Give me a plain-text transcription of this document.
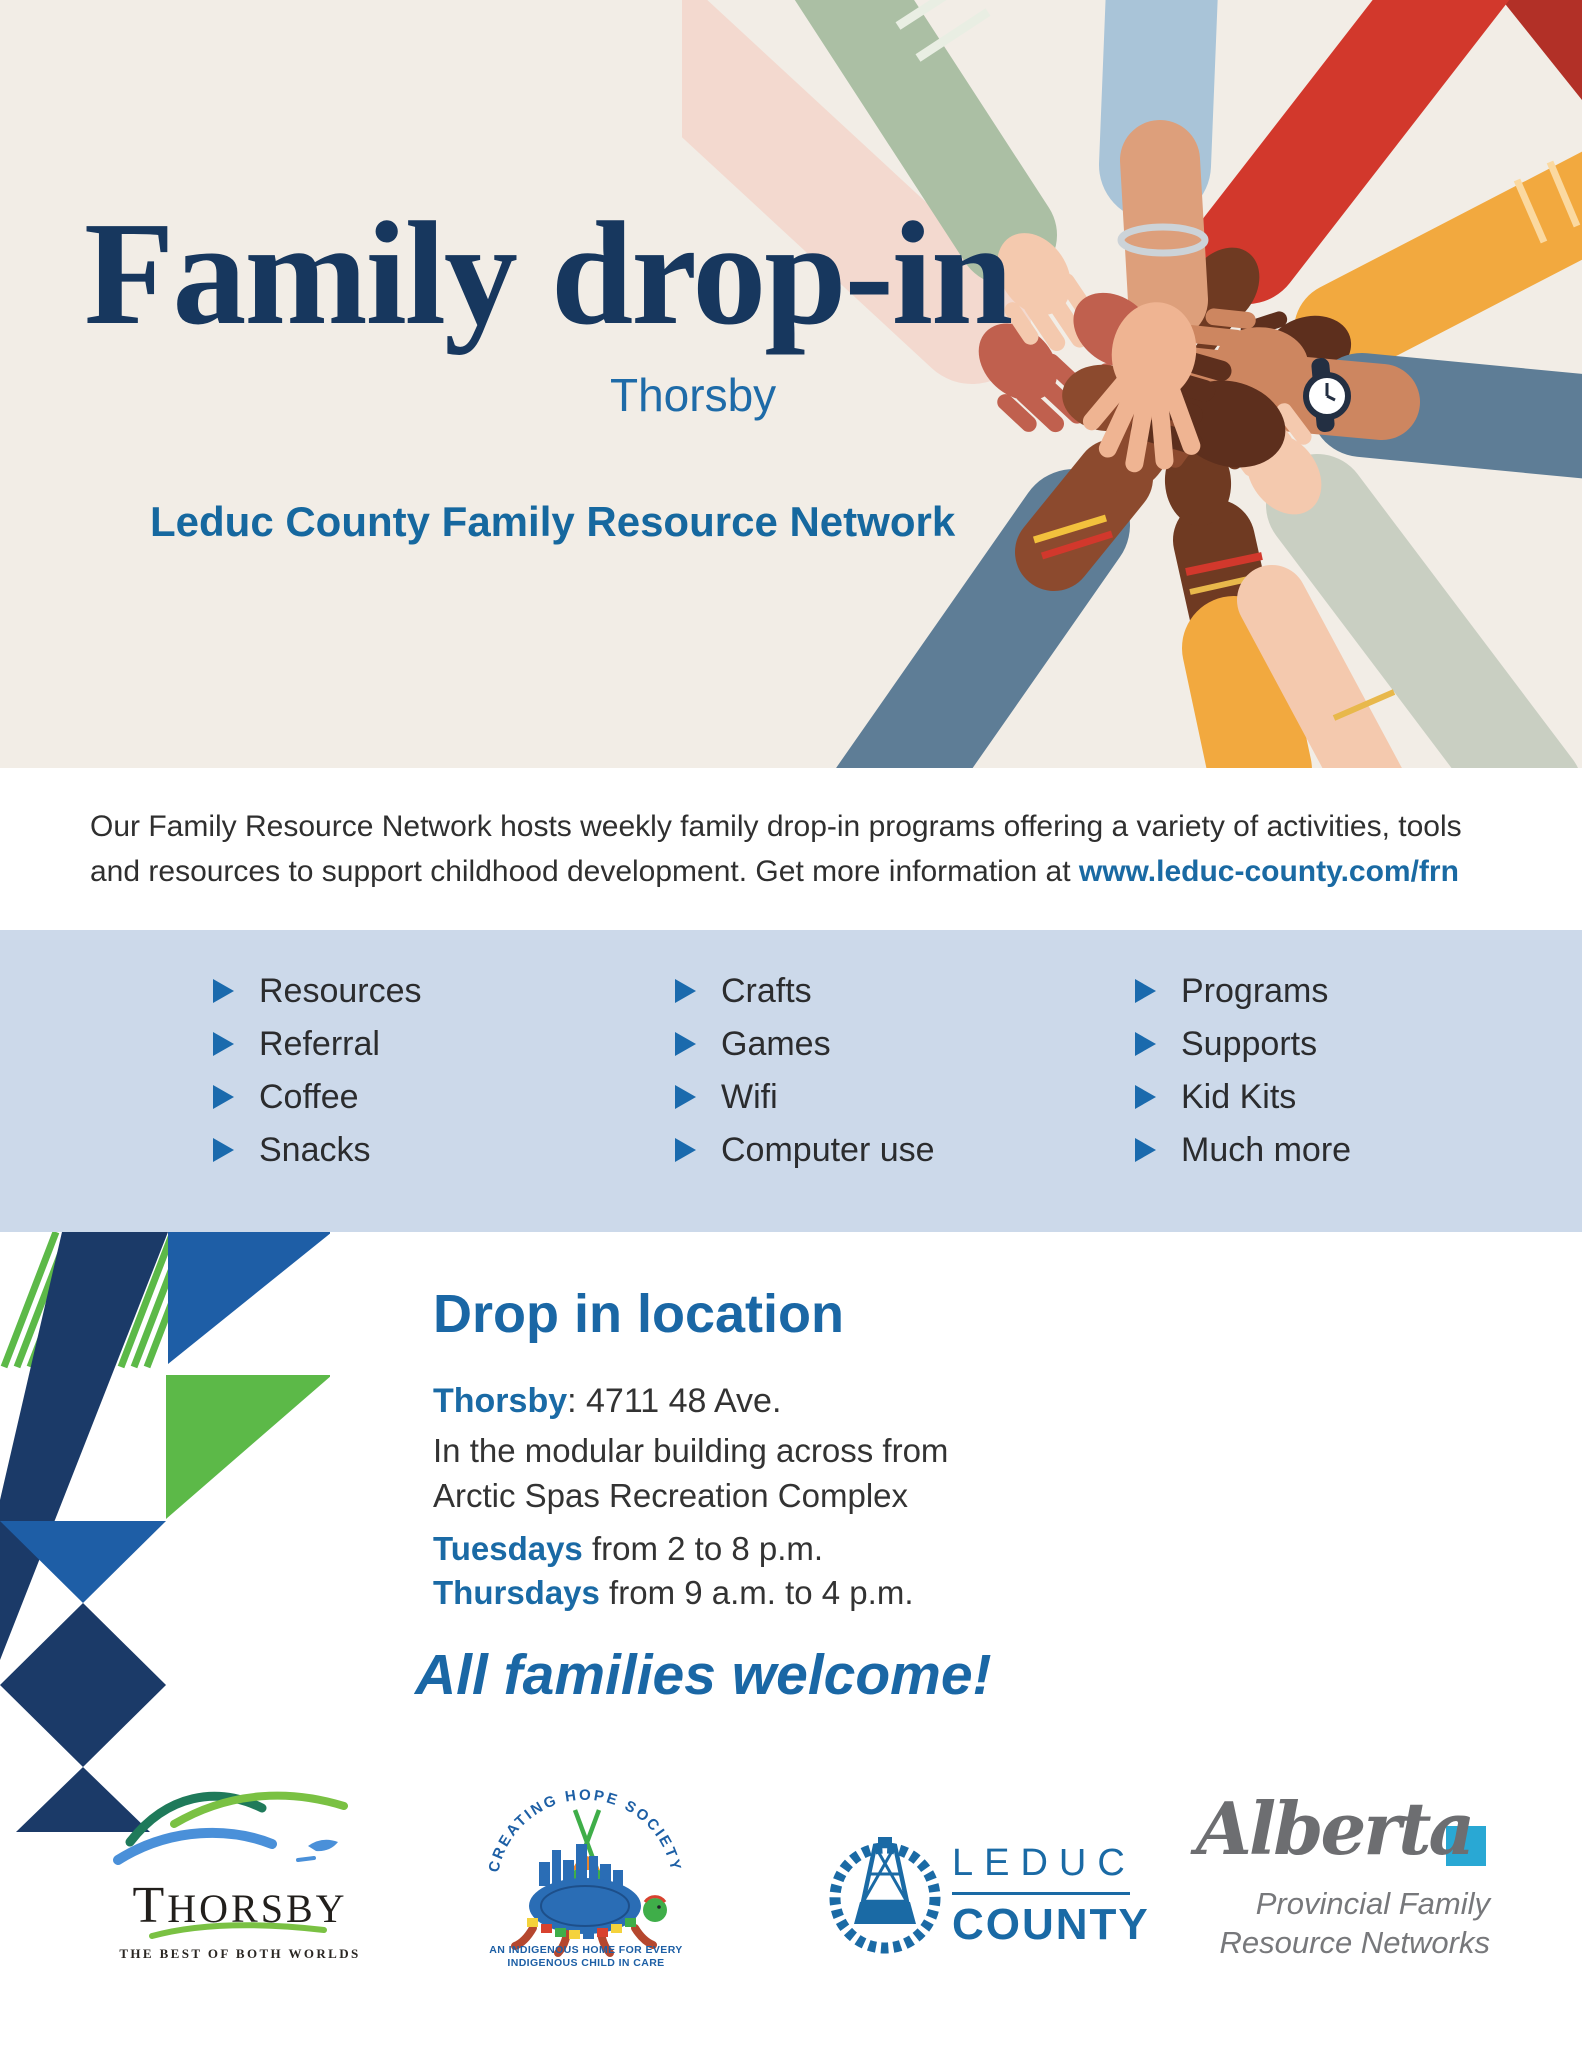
Family drop-in
Thorsby
Leduc County Family Resource Network
Our Family Resource Network hosts weekly family drop-in programs offering a variety of activities, tools
and resources to support childhood development. Get more information at www.leduc-county.com/frn
Resources
Referral
Coffee
Snacks
Crafts
Games
Wifi
Computer use
Programs
Supports
Kid Kits
Much more
Drop in location
Thorsby: 4711 48 Ave.
In the modular building across from
Arctic Spas Recreation Complex
Tuesdays from 2 to 8 p.m.
Thursdays from 9 a.m. to 4 p.m.
All families welcome!
THORSBY
THE BEST OF BOTH WORLDS
CREATING HOPE SOCIETY
AN INDIGENOUS HOME FOR EVERY
INDIGENOUS CHILD IN CARE
LEDUC
COUNTY
Alberta
Provincial Family
Resource Networks
